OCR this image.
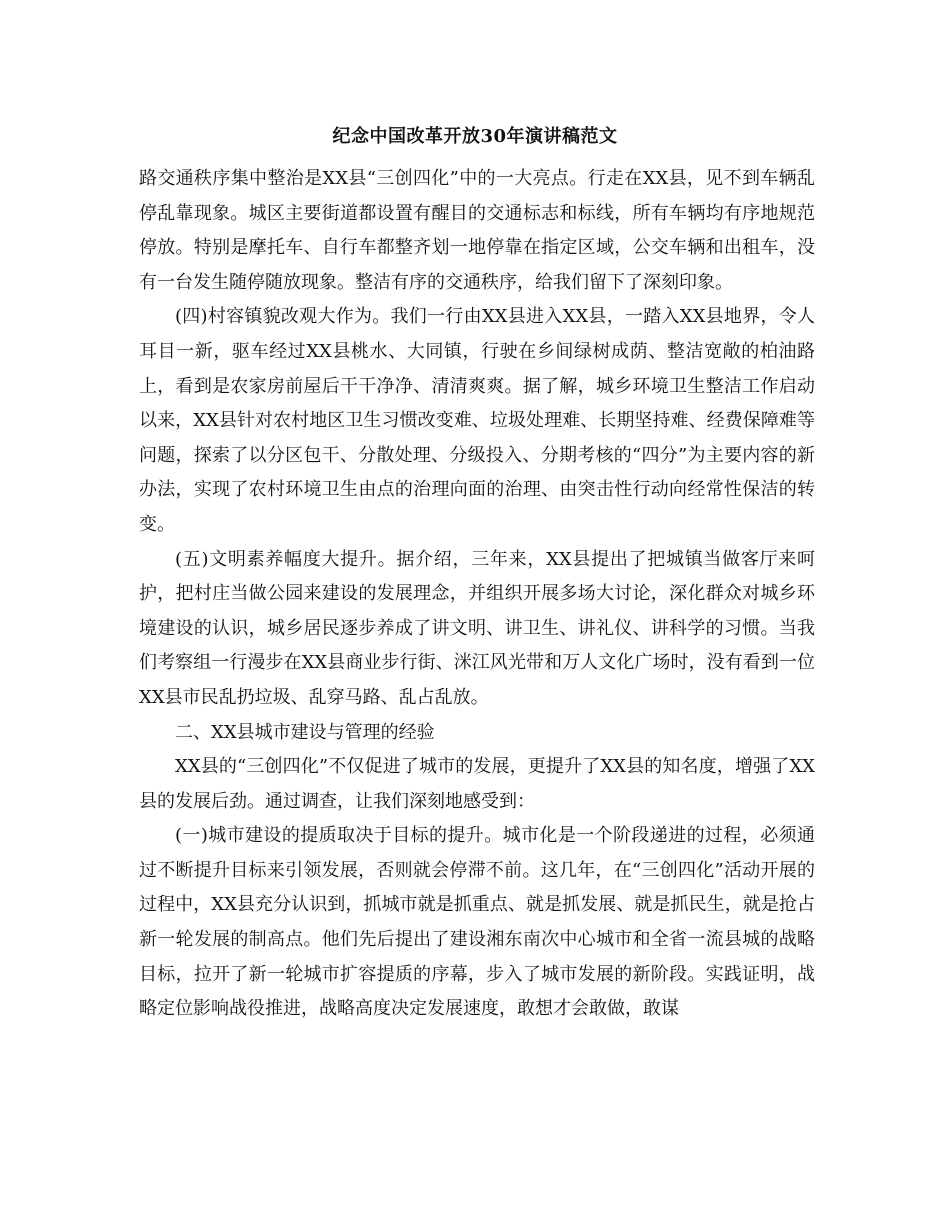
纪念中国改革开放30年演讲稿范文

路交通秩序集中整治是XX县“三创四化”中的一大亮点。行走在XX县，见不到车辆乱停乱靠现象。城区主要街道都设置有醒目的交通标志和标线，所有车辆均有序地规范停放。特别是摩托车、自行车都整齐划一地停靠在指定区域，公交车辆和出租车，没有一台发生随停随放现象。整洁有序的交通秩序，给我们留下了深刻印象。

(四)村容镇貌改观大作为。我们一行由XX县进入XX县，一踏入XX县地界，令人耳目一新，驱车经过XX县桃水、大同镇，行驶在乡间绿树成荫、整洁宽敞的柏油路上，看到是农家房前屋后干干净净、清清爽爽。据了解，城乡环境卫生整洁工作启动以来，XX县针对农村地区卫生习惯改变难、垃圾处理难、长期坚持难、经费保障难等问题，探索了以分区包干、分散处理、分级投入、分期考核的“四分”为主要内容的新办法，实现了农村环境卫生由点的治理向面的治理、由突击性行动向经常性保洁的转变。

(五)文明素养幅度大提升。据介绍，三年来，XX县提出了把城镇当做客厅来呵护，把村庄当做公园来建设的发展理念，并组织开展多场大讨论，深化群众对城乡环境建设的认识，城乡居民逐步养成了讲文明、讲卫生、讲礼仪、讲科学的习惯。当我们考察组一行漫步在XX县商业步行街、洣江风光带和万人文化广场时，没有看到一位XX县市民乱扔垃圾、乱穿马路、乱占乱放。

二、XX县城市建设与管理的经验

XX县的“三创四化”不仅促进了城市的发展，更提升了XX县的知名度，增强了XX县的发展后劲。通过调查，让我们深刻地感受到：

(一)城市建设的提质取决于目标的提升。城市化是一个阶段递进的过程，必须通过不断提升目标来引领发展，否则就会停滞不前。这几年，在“三创四化”活动开展的过程中，XX县充分认识到，抓城市就是抓重点、就是抓发展、就是抓民生，就是抢占新一轮发展的制高点。他们先后提出了建设湘东南次中心城市和全省一流县城的战略目标，拉开了新一轮城市扩容提质的序幕，步入了城市发展的新阶段。实践证明，战略定位影响战役推进，战略高度决定发展速度，敢想才会敢做，敢谋
